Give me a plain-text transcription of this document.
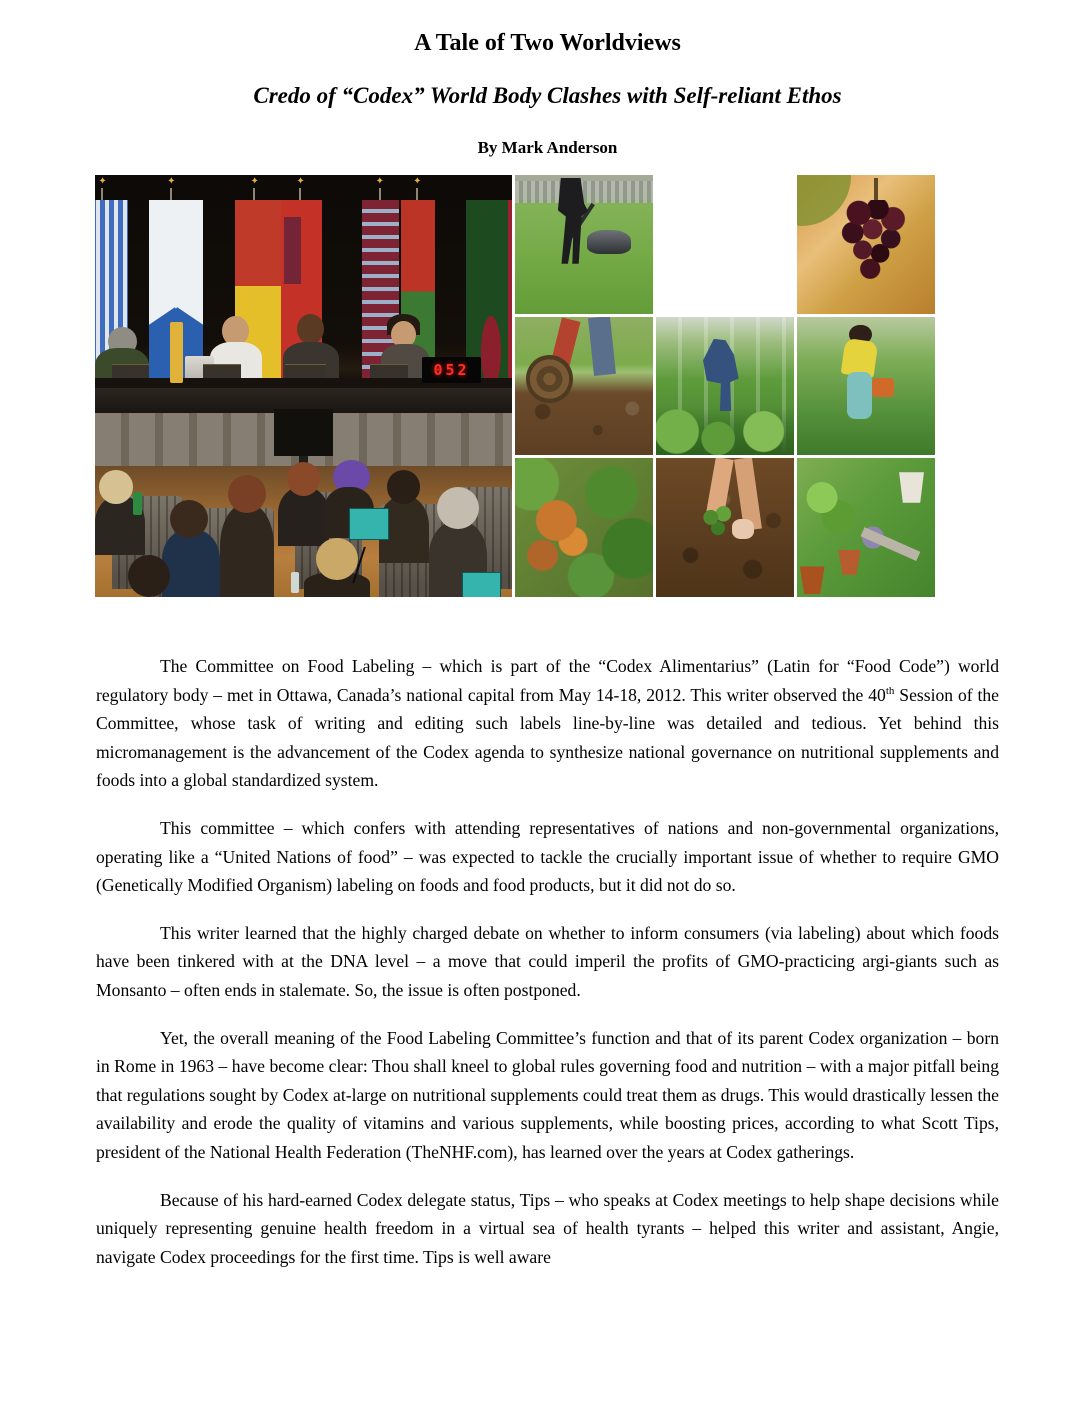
A Tale of Two Worldviews
Credo of “Codex” World Body Clashes with Self-reliant Ethos
By Mark Anderson
✦	✦	✦	✦	✦	✦
052

The Committee on Food Labeling – which is part of the “Codex Alimentarius” (Latin for “Food Code”) world regulatory body – met in Ottawa, Canada’s national capital from May 14-18, 2012. This writer observed the 40th Session of the Committee, whose task of writing and editing such labels line-by-line was detailed and tedious. Yet behind this micromanagement is the advancement of the Codex agenda to synthesize national governance on nutritional supplements and foods into a global standardized system.

This committee – which confers with attending representatives of nations and non-governmental organizations, operating like a “United Nations of food” – was expected to tackle the crucially important issue of whether to require GMO (Genetically Modified Organism) labeling on foods and food products, but it did not do so.

This writer learned that the highly charged debate on whether to inform consumers (via labeling) about which foods have been tinkered with at the DNA level – a move that could imperil the profits of GMO-practicing argi-giants such as Monsanto – often ends in stalemate. So, the issue is often postponed.

Yet, the overall meaning of the Food Labeling Committee’s function and that of its parent Codex organization – born in Rome in 1963 – have become clear: Thou shall kneel to global rules governing food and nutrition – with a major pitfall being that regulations sought by Codex at-large on nutritional supplements could treat them as drugs. This would drastically lessen the availability and erode the quality of vitamins and various supplements, while boosting prices, according to what Scott Tips, president of the National Health Federation (TheNHF.com), has learned over the years at Codex gatherings.

Because of his hard-earned Codex delegate status, Tips – who speaks at Codex meetings to help shape decisions while uniquely representing genuine health freedom in a virtual sea of health tyrants – helped this writer and assistant, Angie, navigate Codex proceedings for the first time. Tips is well aware
